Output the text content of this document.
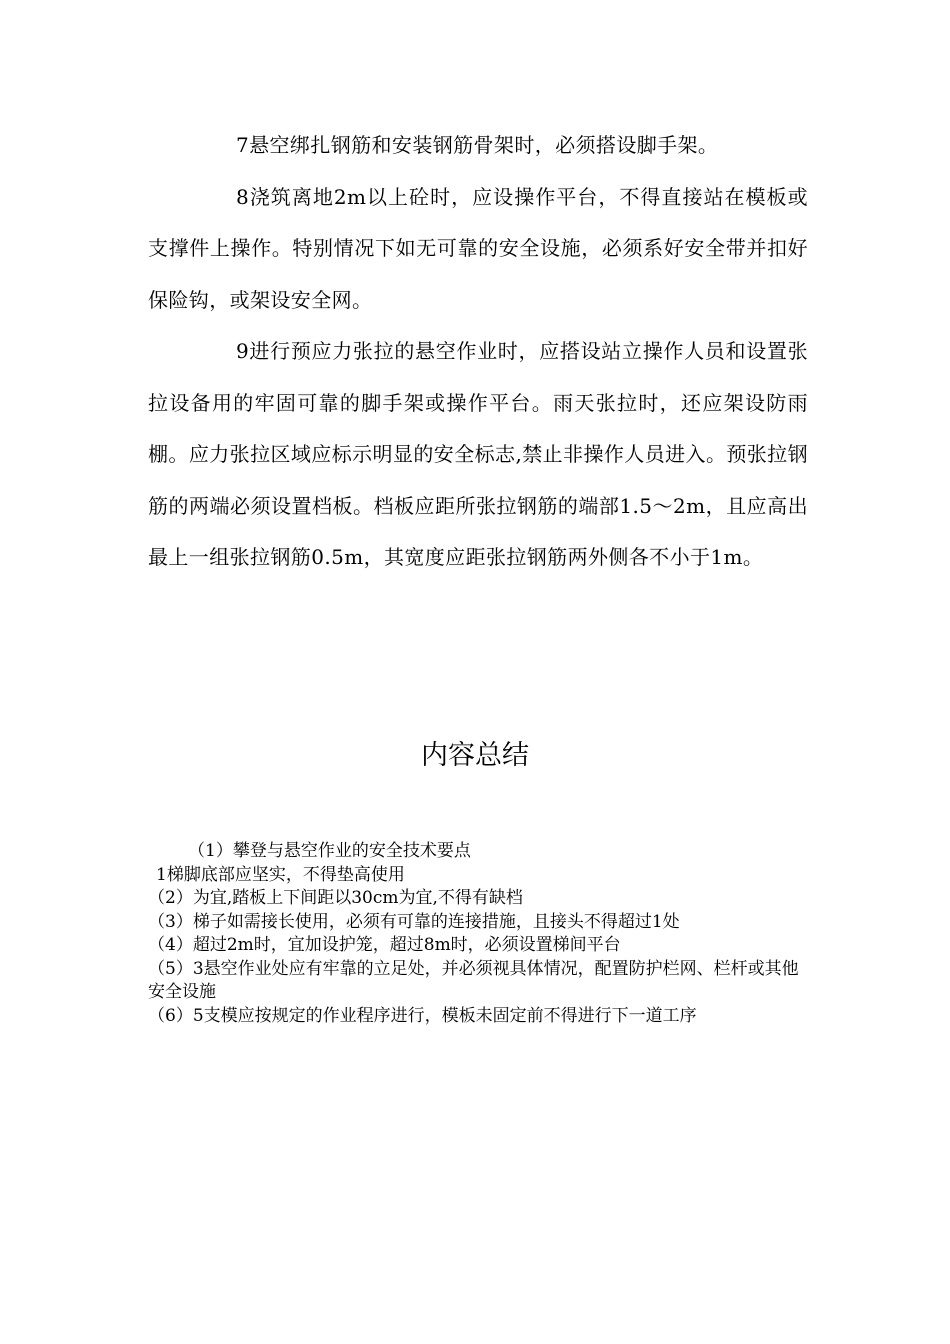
7悬空绑扎钢筋和安装钢筋骨架时，必须搭设脚手架。

8浇筑离地2m以上砼时，应设操作平台，不得直接站在模板或支撑件上操作。特别情况下如无可靠的安全设施，必须系好安全带并扣好保险钩，或架设安全网。

9进行预应力张拉的悬空作业时，应搭设站立操作人员和设置张拉设备用的牢固可靠的脚手架或操作平台。雨天张拉时，还应架设防雨棚。应力张拉区域应标示明显的安全标志,禁止非操作人员进入。预张拉钢筋的两端必须设置档板。档板应距所张拉钢筋的端部1.5～2m，且应高出最上一组张拉钢筋0.5m，其宽度应距张拉钢筋两外侧各不小于1m。

内容总结
（1）攀登与悬空作业的安全技术要点
1梯脚底部应坚实，不得垫高使用
（2）为宜,踏板上下间距以30cm为宜,不得有缺档
（3）梯子如需接长使用，必须有可靠的连接措施，且接头不得超过1处
（4）超过2m时，宜加设护笼，超过8m时，必须设置梯间平台
（5）3悬空作业处应有牢靠的立足处，并必须视具体情况，配置防护栏网、栏杆或其他安全设施
（6）5支模应按规定的作业程序进行，模板未固定前不得进行下一道工序
